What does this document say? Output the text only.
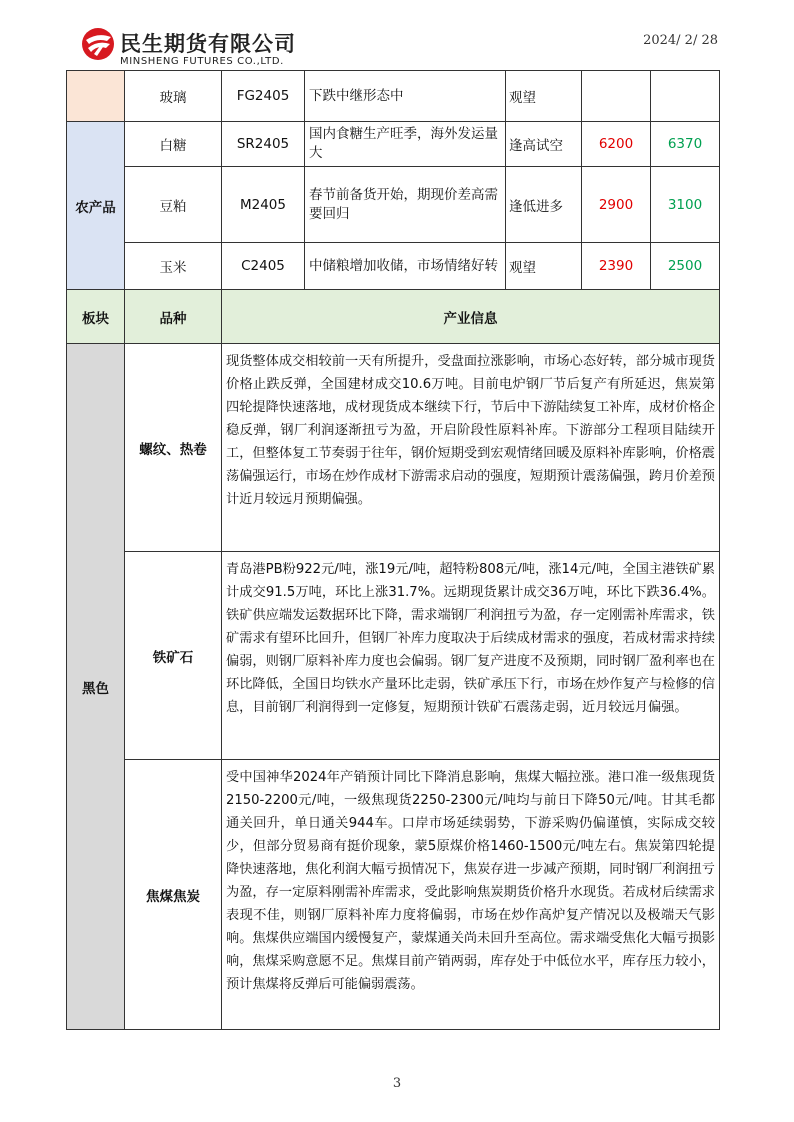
民生期货有限公司
MINSHENG FUTURES CO.,LTD.
2024/ 2/ 28
	玻璃	FG2405	下跌中继形态中	观望		
农产品	白糖	SR2405	国内食糖生产旺季，海外发运量大	逢高试空	6200	6370
	豆粕	M2405	春节前备货开始，期现价差高需要回归	逢低进多	2900	3100
	玉米	C2405	中储粮增加收储，市场情绪好转	观望	2390	2500
板块	品种	产业信息				
黑色	螺纹、热卷	现货整体成交相较前一天有所提升，受盘面拉涨影响，市场心态好转，部分城市现货价格止跌反弹，全国建材成交10.6万吨。目前电炉钢厂节后复产有所延迟，焦炭第四轮提降快速落地，成材现货成本继续下行，节后中下游陆续复工补库，成材价格企稳反弹，钢厂利润逐渐扭亏为盈，开启阶段性原料补库。下游部分工程项目陆续开工，但整体复工节奏弱于往年，钢价短期受到宏观情绪回暖及原料补库影响，价格震荡偏强运行，市场在炒作成材下游需求启动的强度，短期预计震荡偏强，跨月价差预计近月较远月预期偏强。				
	铁矿石	青岛港PB粉922元/吨，涨19元/吨，超特粉808元/吨，涨14元/吨，全国主港铁矿累计成交91.5万吨，环比上涨31.7%。远期现货累计成交36万吨，环比下跌36.4%。铁矿供应端发运数据环比下降，需求端钢厂利润扭亏为盈，存一定刚需补库需求，铁矿需求有望环比回升，但钢厂补库力度取决于后续成材需求的强度，若成材需求持续偏弱，则钢厂原料补库力度也会偏弱。钢厂复产进度不及预期，同时钢厂盈利率也在环比降低，全国日均铁水产量环比走弱，铁矿承压下行，市场在炒作复产与检修的信息，目前钢厂利润得到一定修复，短期预计铁矿石震荡走弱，近月较远月偏强。				
	焦煤焦炭	受中国神华2024年产销预计同比下降消息影响，焦煤大幅拉涨。港口准一级焦现货2150-2200元/吨，一级焦现货2250-2300元/吨均与前日下降50元/吨。甘其毛都通关回升，单日通关944车。口岸市场延续弱势，下游采购仍偏谨慎，实际成交较少，但部分贸易商有挺价现象，蒙5原煤价格1460-1500元/吨左右。焦炭第四轮提降快速落地，焦化利润大幅亏损情况下，焦炭存进一步减产预期，同时钢厂利润扭亏为盈，存一定原料刚需补库需求，受此影响焦炭期货价格升水现货。若成材后续需求表现不佳，则钢厂原料补库力度将偏弱，市场在炒作高炉复产情况以及极端天气影响。焦煤供应端国内缓慢复产，蒙煤通关尚未回升至高位。需求端受焦化大幅亏损影响，焦煤采购意愿不足。焦煤目前产销两弱，库存处于中低位水平，库存压力较小，预计焦煤将反弹后可能偏弱震荡。				
3
